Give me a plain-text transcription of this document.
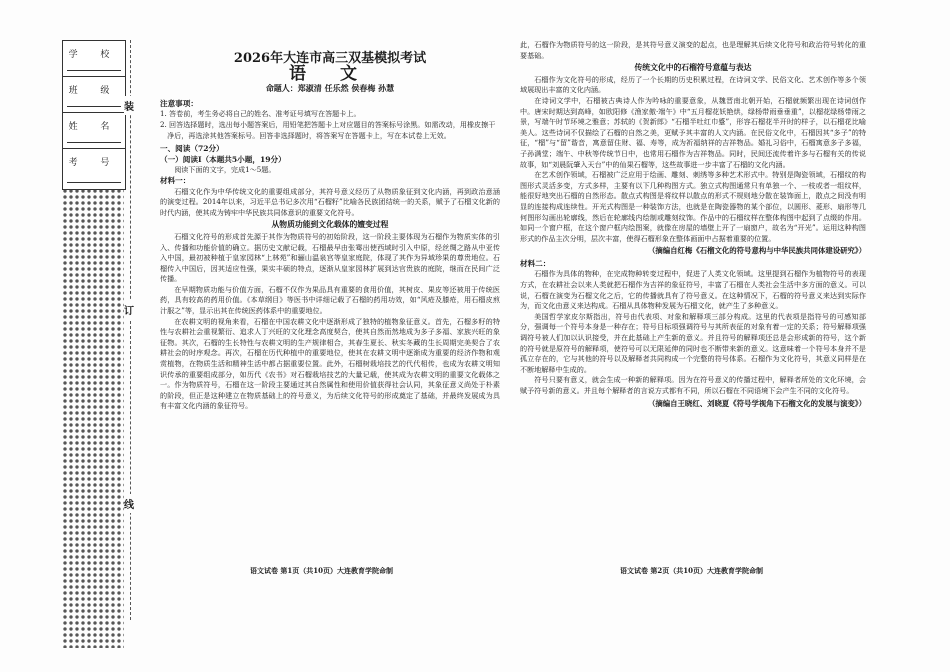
学 校
班 级
姓 名
考 号
装
订
线
2026年大连市高三双基模拟考试
语 文
命题人：郑淑清 任乐然 侯春梅 孙慧
注意事项：

1. 答卷前，考生务必将自己的姓名、准考证号填写在答题卡上。

2. 回答选择题时，选出每小题答案后，用铅笔把答题卡上对应题目的答案标号涂黑。如需改动，用橡皮擦干净后，再选涂其他答案标号。回答非选择题时，将答案写在答题卡上，写在本试卷上无效。

一、阅读（72分）
（一）阅读Ⅰ（本题共5小题，19分）

阅读下面的文字，完成1～5题。

材料一：

石榴文化作为中华传统文化的重要组成部分，其符号意义经历了从物质象征到文化内涵，再到政治意涵的演变过程。2014年以来，习近平总书记多次用“石榴籽”比喻各民族团结统一的关系，赋予了石榴文化新的时代内涵，使其成为铸牢中华民族共同体意识的重要文化符号。

从物质功能到文化载体的嬗变过程

石榴文化符号的形成首先源于其作为物质符号的初始阶段，这一阶段主要体现为石榴作为物质实体的引入、传播和功能价值的确立。据历史文献记载，石榴最早由张骞出使西域时引入中原，经丝绸之路从中亚传入中国，最初被种植于皇家园林“上林苑”和骊山温泉宫等皇家庭院，体现了其作为异域珍果的尊贵地位。石榴传入中国后，因其适应性强，果实丰硕的特点，逐渐从皇家园林扩展到达官贵族的庭院，继而在民间广泛传播。

在早期物质功能与价值方面，石榴不仅作为果品具有重要的食用价值，其树皮、果皮等还被用于传统医药，具有较高的药用价值。《本草纲目》等医书中详细记载了石榴的药用功效，如“风疮及膝疮，用石榴皮煎汁服之”等，显示出其在传统医药体系中的重要地位。

在农耕文明的视角来看，石榴在中国农耕文化中逐渐形成了独特的植物象征意义。首先，石榴多籽的特性与农耕社会重视繁衍、追求人丁兴旺的文化理念高度契合，使其自然而然地成为多子多福、家族兴旺的象征物。其次，石榴的生长特性与农耕文明的生产规律相合，其春生夏长、秋实冬藏的生长周期完美契合了农耕社会的时序观念。再次，石榴在历代种植中的重要地位，使其在农耕文明中逐渐成为重要的经济作物和观赏植物，在物质生活和精神生活中都占据重要位置。此外，石榴树栽培技艺的代代相传，也成为农耕文明知识传承的重要组成部分，如历代《农书》对石榴栽培技艺的大量记载，使其成为农耕文明的重要文化载体之一。作为物质符号，石榴在这一阶段主要通过其自然属性和使用价值获得社会认同，其象征意义尚处于朴素的阶段，但正是这种建立在物质基础上的符号意义，为后续文化符号的形成奠定了基础，并最终发展成为具有丰富文化内涵的象征符号。

此，石榴作为物质符号的这一阶段，是其符号意义演变的起点，也是理解其后续文化符号和政治符号转化的重要基础。

传统文化中的石榴符号意蕴与表达

石榴作为文化符号的形成，经历了一个长期的历史积累过程，在诗词文学、民俗文化、艺术创作等多个领域展现出丰富的文化内涵。

在诗词文学中，石榴被古典诗人作为吟咏的重要意象，从魏晋南北朝开始，石榴就频繁出现在诗词创作中。唐宋时期达到高峰，如欧阳修《渔家傲·端午》中“五月榴花妖艳烘，绿杨带雨垂垂重”，以榴花绿杨带雨之景，写端午时节环境之雅意；苏轼的《贺新郎》“石榴半吐红巾蹙”，形容石榴花半开时的样子，以石榴花比喻美人。这些诗词不仅描绘了石榴的自然之美，更赋予其丰富的人文内涵。在民俗文化中，石榴因其“多子”的特征，“榴”与“留”谐音，寓意留住财、福、寿等，成为祈福纳祥的吉祥物品。婚礼习俗中，石榴寓意多子多福，子孙满堂；端午、中秋等传统节日中，也常用石榴作为吉祥物品。同时，民间还流传着许多与石榴有关的传说故事，如“刘晨阮肇入天台”中的仙果石榴等，这些故事进一步丰富了石榴的文化内涵。

在艺术创作领域，石榴被广泛应用于绘画、雕刻、刺绣等多种艺术形式中。特别是陶瓷领域，石榴纹的构图形式灵活多变，方式多样，主要有以下几种构图方式。独立式构图通常只有单独一个、一枝或者一组纹样，能很好地突出石榴的自然形态。散点式构图是将纹样以散点的形式不规则地分散在装饰面上，散点之间没有明显的连接构成连续性。开光式构图是一种装饰方法，也就是在陶瓷器物的某个部位，以圆形、菱形、扇形等几何图形勾画出轮廓线，然后在轮廓线内绘制或雕刻纹饰。作品中的石榴纹样在整体构图中起到了点缀的作用。如同一个窗户框，在这个窗户框内绘图案，就像在房屋的墙壁上开了一扇窗户，故名为“开光”。运用这种构图形式的作品主次分明，层次丰富，使得石榴形象在整体画面中占据着重要的位置。

（摘编自红梅《石榴文化的符号意构与中华民族共同体建设研究》）
材料二：

石榴作为具体的物种，在完成物种转变过程中，促进了人类文化领域。这里提到石榴作为植物符号的表现方式，在农耕社会以来人类就把石榴作为吉祥的象征符号，丰富了石榴在人类社会生活中多方面的意义。可以说，石榴在演变为石榴文化之后，它的传播就具有了符号意义。在这种情况下，石榴的符号意义来达到实际作为，而文化由意义来达构成。石榴从具体物种发展为石榴文化，就产生了多种意义。

美国哲学家皮尔斯指出，符号由代表项、对象和解释项三部分构成。这里的代表项是指符号的可感知部分，强调每一个符号本身是一种存在；符号目标项强调符号与其所表征的对象有着一定的关系；符号解释项强调符号被人们加以认识接受，并在此基础上产生新的意义。并且符号的解释项还总是会形成新的符号，这个新的符号就是原符号的解释项，使符号可以无限延伸的同时也不断带来新的意义。这意味着一个符号本身并不是孤立存在的，它与其他的符号以及解释者共同构成一个完整的符号体系。石榴作为文化符号，其意义同样是在不断地解释中生成的。

符号只要有意义，就会生成一种新的解释项。因为在符号意义的传播过程中，解释者所处的文化环境，会赋予符号新的意义。并且每个解释者的言说方式都有不同，所以石榴在不同语境下会产生不同的文化符号。

（摘编自王晓红、刘晓夏《符号学视角下石榴文化的发展与演变》）
语文试卷 第1页（共10页）大连教育学院命制	语文试卷 第2页（共10页）大连教育学院命制
